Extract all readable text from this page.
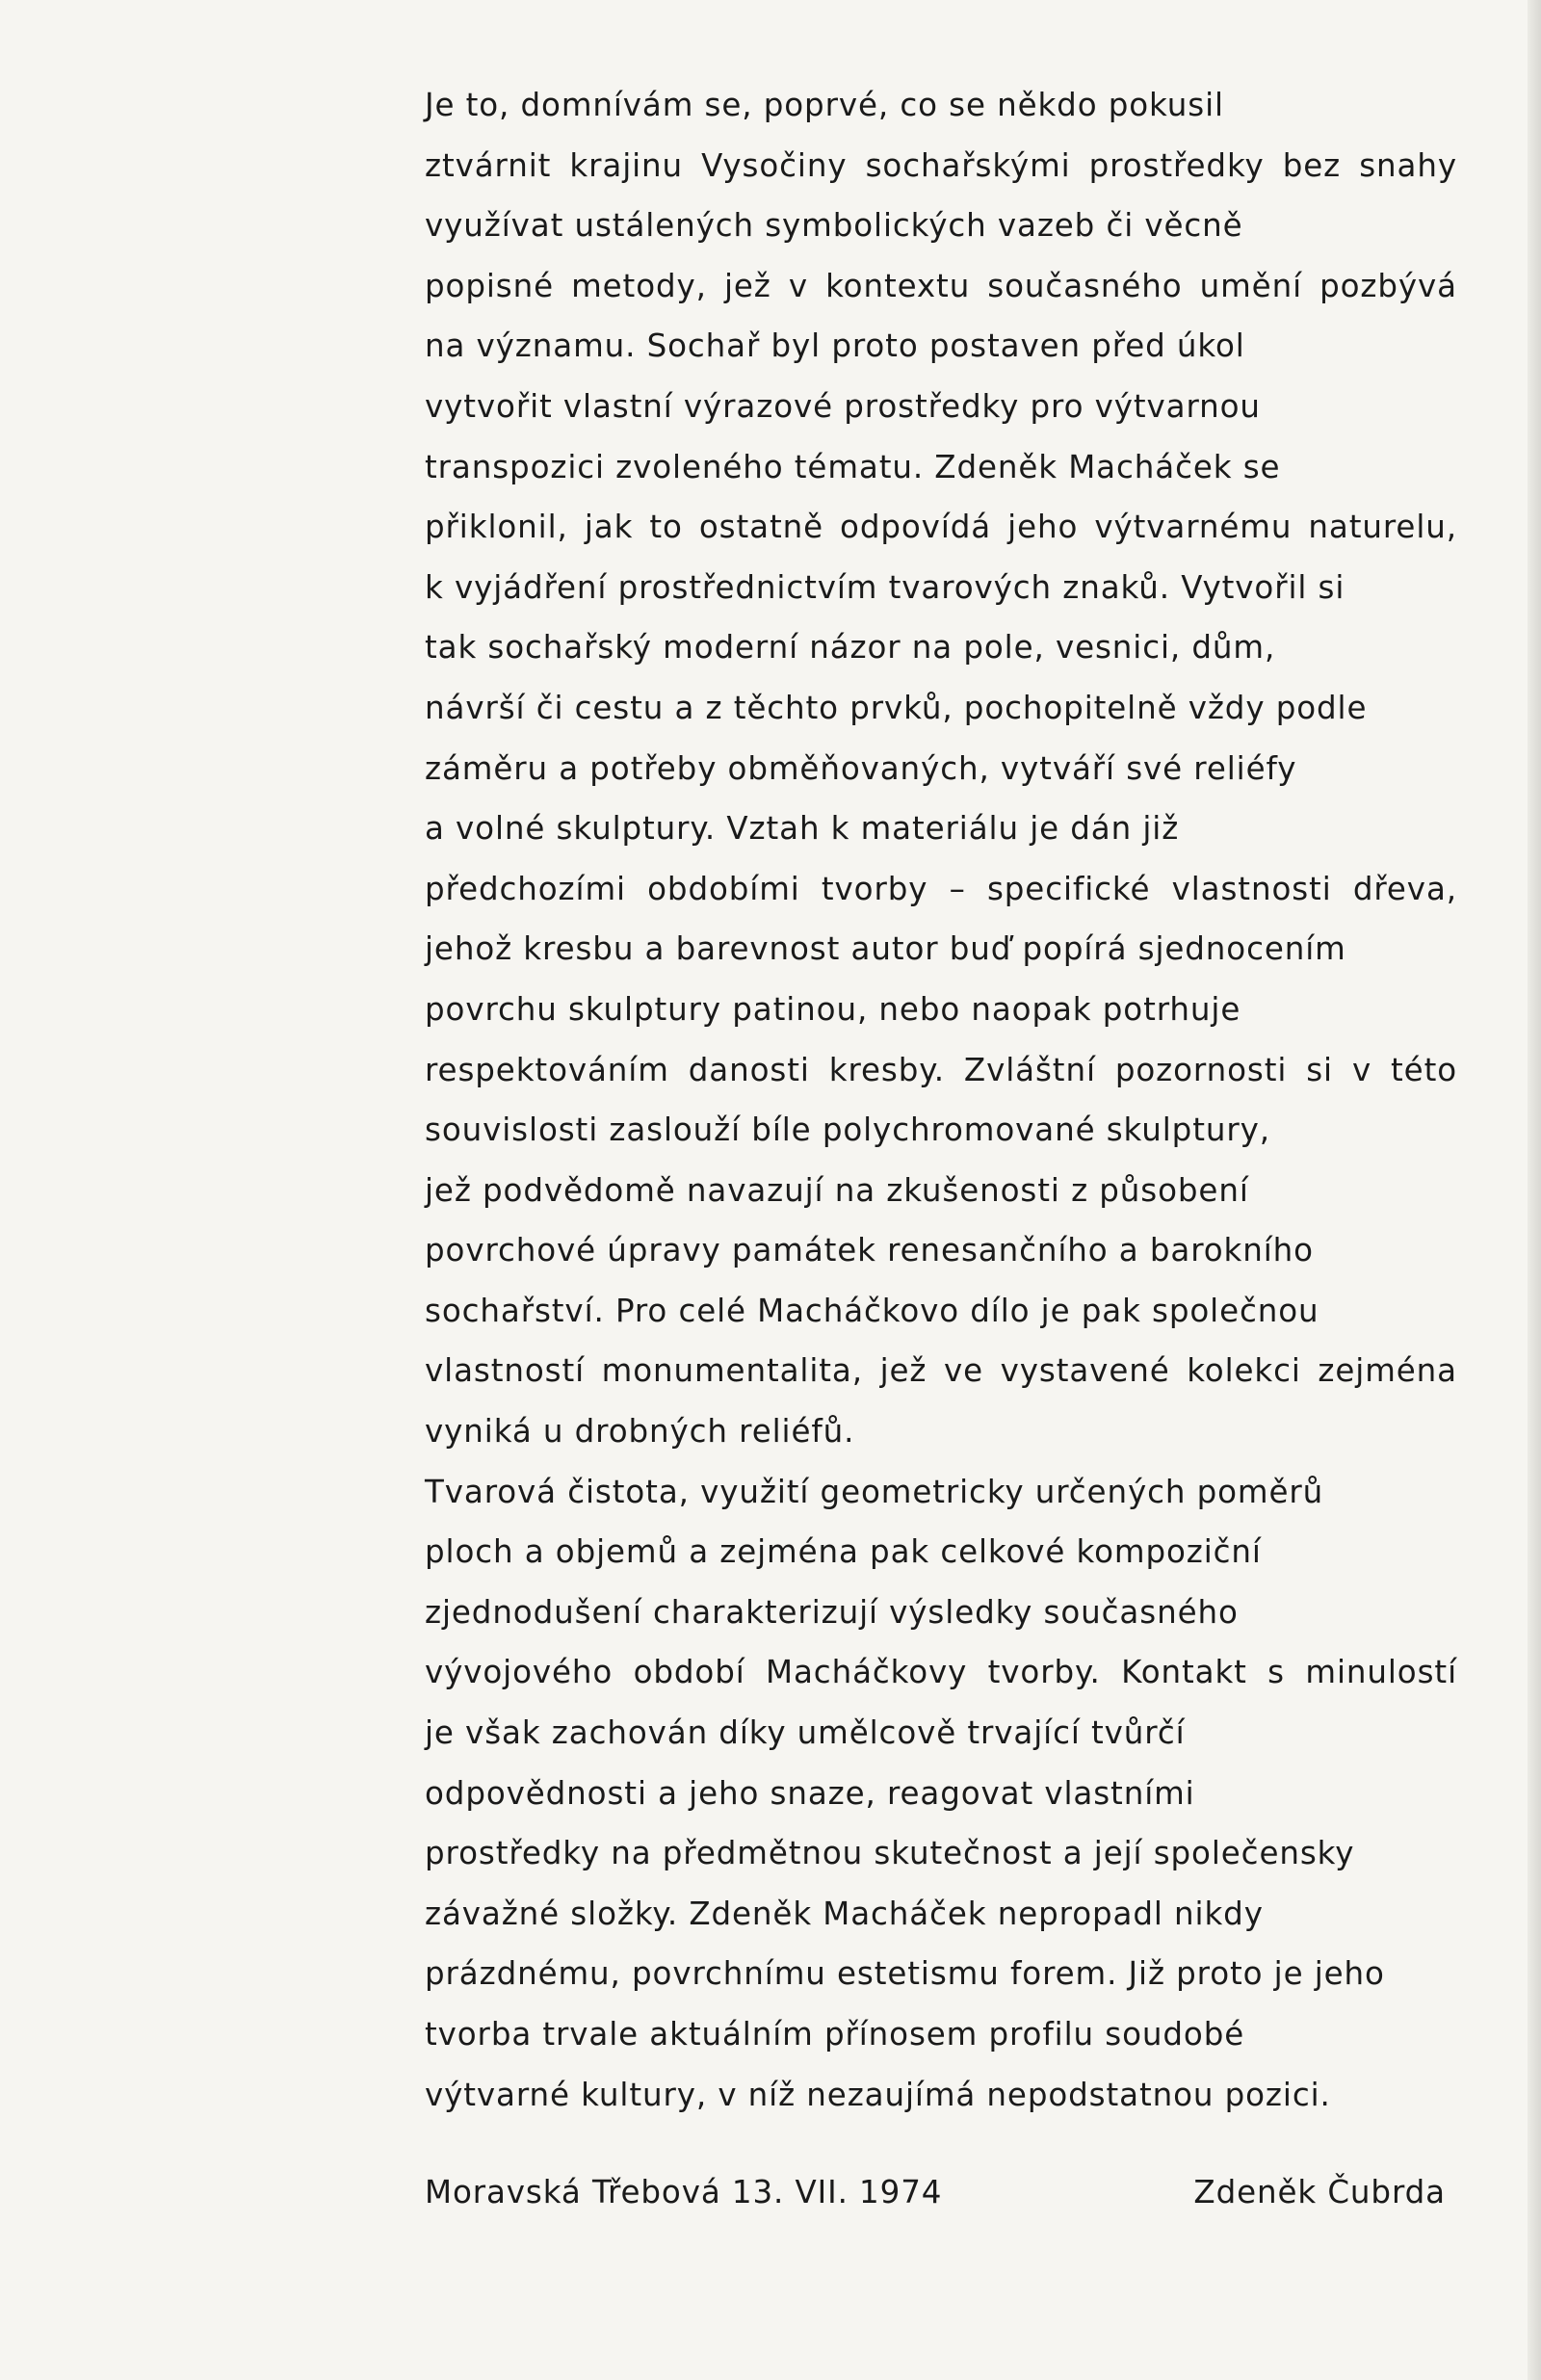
Je to, domnívám se, poprvé, co se někdo pokusil
ztvárnit krajinu Vysočiny sochařskými prostředky bez snahy
využívat ustálených symbolických vazeb či věcně
popisné metody, jež v kontextu současného umění pozbývá
na významu. Sochař byl proto postaven před úkol
vytvořit vlastní výrazové prostředky pro výtvarnou
transpozici zvoleného tématu. Zdeněk Macháček se
přiklonil, jak to ostatně odpovídá jeho výtvarnému naturelu,
k vyjádření prostřednictvím tvarových znaků. Vytvořil si
tak sochařský moderní názor na pole, vesnici, dům,
návrší či cestu a z těchto prvků, pochopitelně vždy podle
záměru a potřeby obměňovaných, vytváří své reliéfy
a volné skulptury. Vztah k materiálu je dán již
předchozími obdobími tvorby – specifické vlastnosti dřeva,
jehož kresbu a barevnost autor buď popírá sjednocením
povrchu skulptury patinou, nebo naopak potrhuje
respektováním danosti kresby. Zvláštní pozornosti si v této
souvislosti zaslouží bíle polychromované skulptury,
jež podvědomě navazují na zkušenosti z působení
povrchové úpravy památek renesančního a barokního
sochařství. Pro celé Macháčkovo dílo je pak společnou
vlastností monumentalita, jež ve vystavené kolekci zejména
vyniká u drobných reliéfů.
Tvarová čistota, využití geometricky určených poměrů
ploch a objemů a zejména pak celkové kompoziční
zjednodušení charakterizují výsledky současného
vývojového období Macháčkovy tvorby. Kontakt s minulostí
je však zachován díky umělcově trvající tvůrčí
odpovědnosti a jeho snaze, reagovat vlastními
prostředky na předmětnou skutečnost a její společensky
závažné složky. Zdeněk Macháček nepropadl nikdy
prázdnému, povrchnímu estetismu forem. Již proto je jeho
tvorba trvale aktuálním přínosem profilu soudobé
výtvarné kultury, v níž nezaujímá nepodstatnou pozici.
Moravská Třebová 13. VII. 1974	Zdeněk Čubrda
